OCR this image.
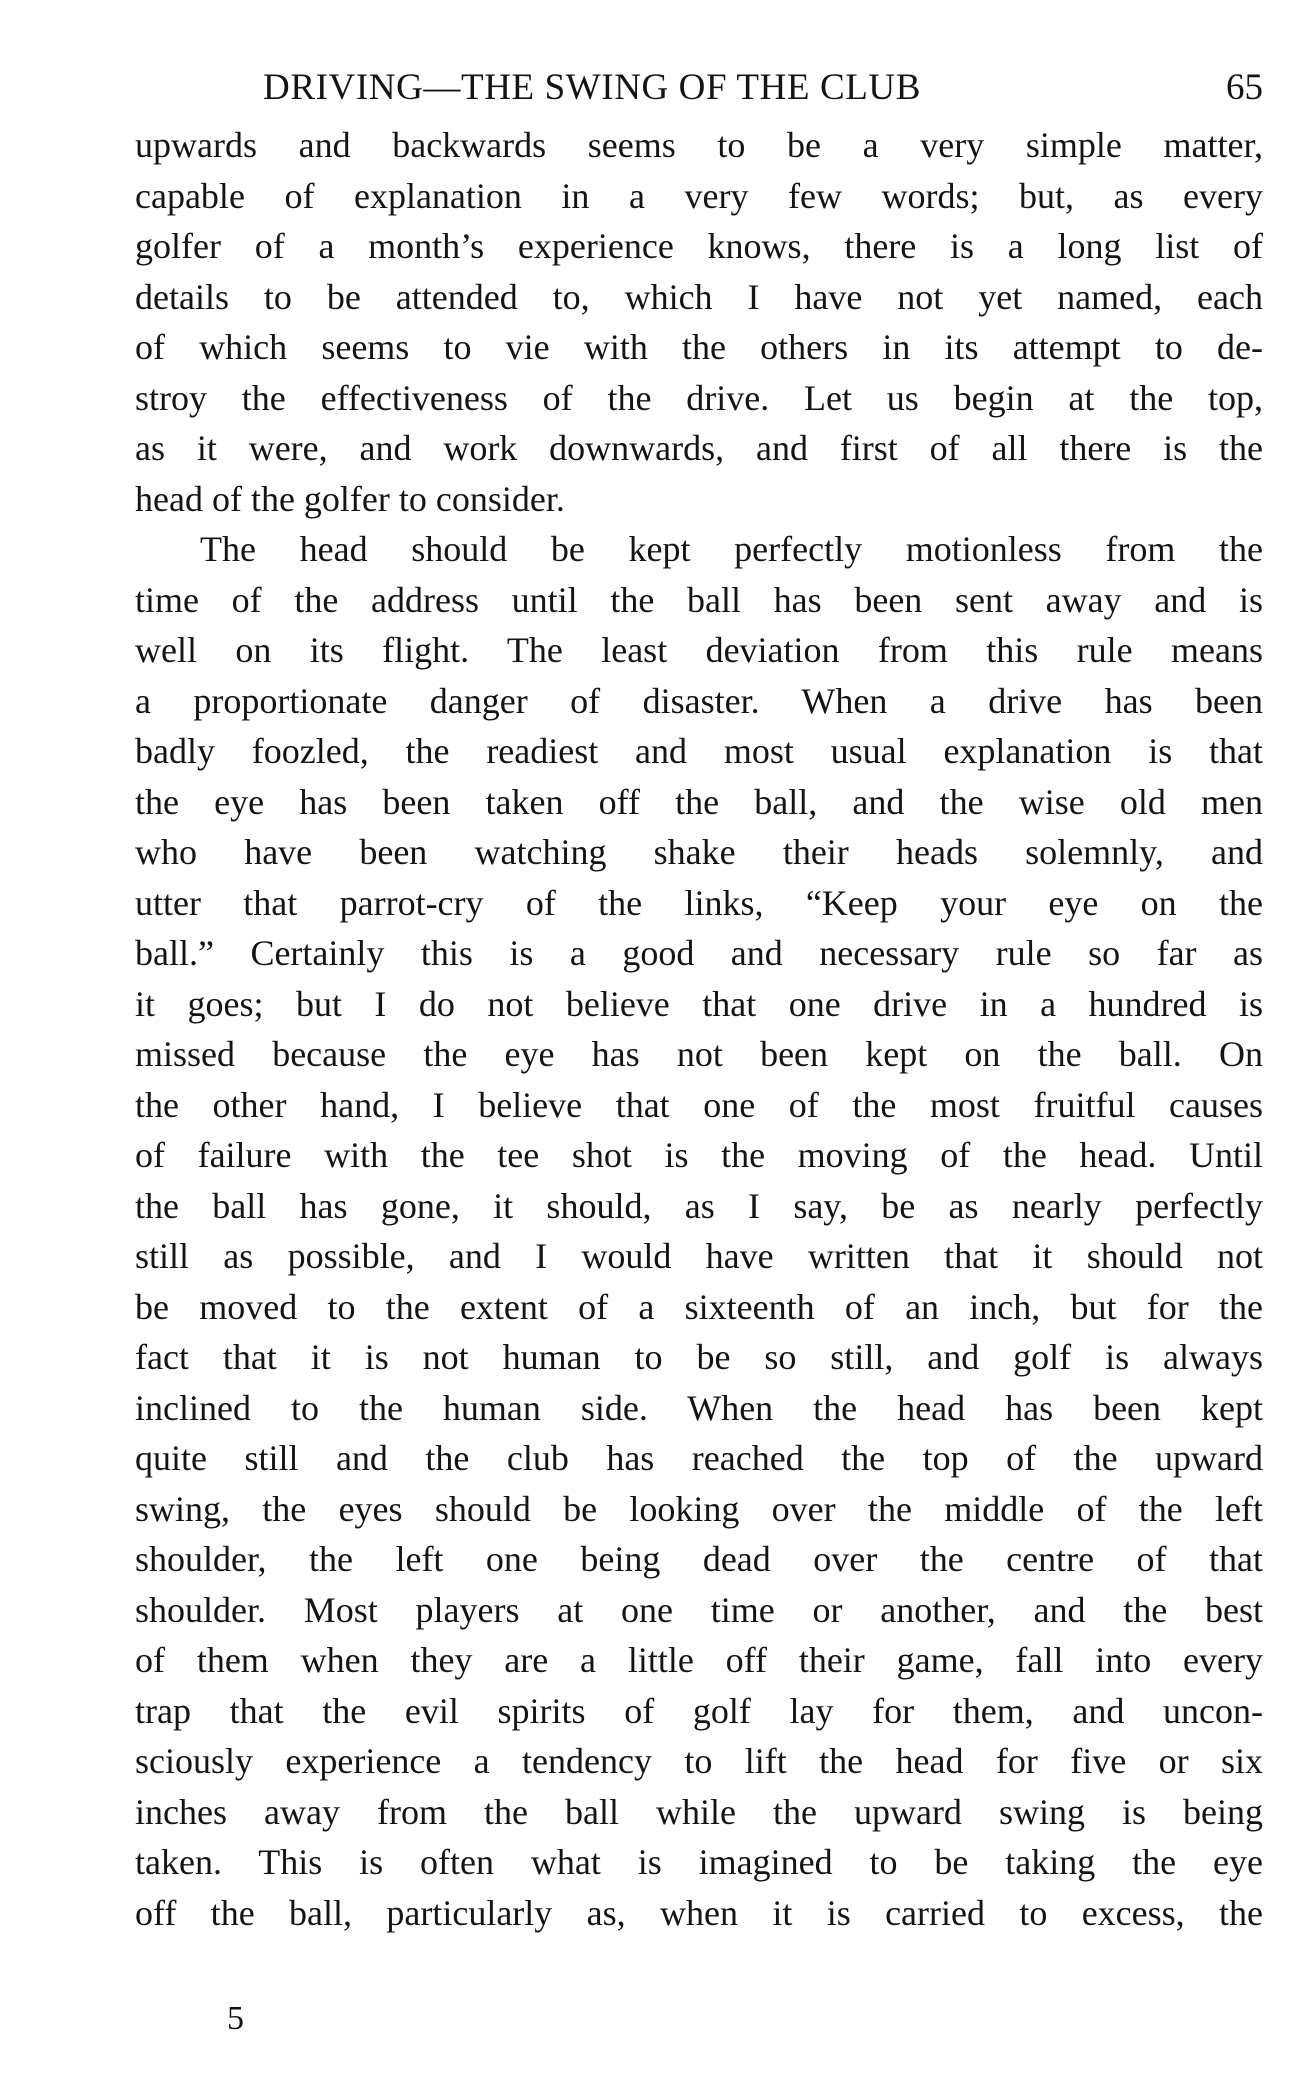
DRIVING—THE SWING OF THE CLUB	65
upwards and backwards seems to be a very simple matter,
capable of explanation in a very few words; but, as every
golfer of a month’s experience knows, there is a long list of
details to be attended to, which I have not yet named, each
of which seems to vie with the others in its attempt to de-
stroy the effectiveness of the drive. Let us begin at the top,
as it were, and work downwards, and first of all there is the
head of the golfer to consider.
The head should be kept perfectly motionless from the
time of the address until the ball has been sent away and is
well on its flight. The least deviation from this rule means
a proportionate danger of disaster. When a drive has been
badly foozled, the readiest and most usual explanation is that
the eye has been taken off the ball, and the wise old men
who have been watching shake their heads solemnly, and
utter that parrot-cry of the links, “Keep your eye on the
ball.” Certainly this is a good and necessary rule so far as
it goes; but I do not believe that one drive in a hundred is
missed because the eye has not been kept on the ball. On
the other hand, I believe that one of the most fruitful causes
of failure with the tee shot is the moving of the head. Until
the ball has gone, it should, as I say, be as nearly perfectly
still as possible, and I would have written that it should not
be moved to the extent of a sixteenth of an inch, but for the
fact that it is not human to be so still, and golf is always
inclined to the human side. When the head has been kept
quite still and the club has reached the top of the upward
swing, the eyes should be looking over the middle of the left
shoulder, the left one being dead over the centre of that
shoulder. Most players at one time or another, and the best
of them when they are a little off their game, fall into every
trap that the evil spirits of golf lay for them, and uncon-
sciously experience a tendency to lift the head for five or six
inches away from the ball while the upward swing is being
taken. This is often what is imagined to be taking the eye
off the ball, particularly as, when it is carried to excess, the
5
